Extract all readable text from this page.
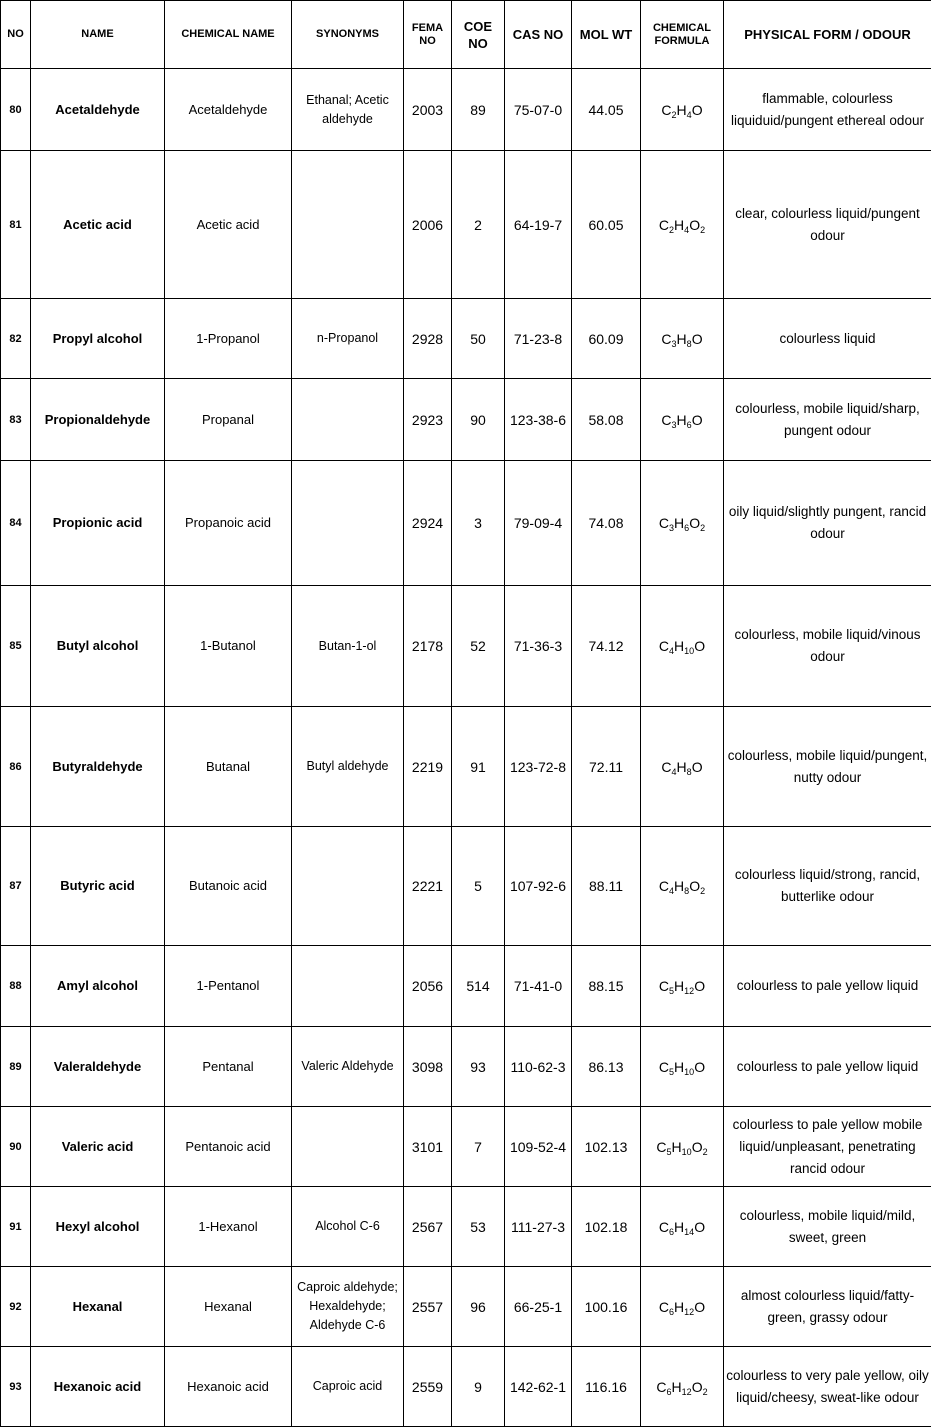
NO	NAME	CHEMICAL NAME	SYNONYMS	FEMA NO	COE NO	CAS NO	MOL WT	CHEMICAL FORMULA	PHYSICAL FORM / ODOUR
80	Acetaldehyde	Acetaldehyde	Ethanal; Acetic aldehyde	2003	89	75-07-0	44.05	$C_2H_4O$	flammable, colourless liquiduid/pungent ethereal odour
81	Acetic acid	Acetic acid		2006	2	64-19-7	60.05	$C_2H_4O_2$	clear, colourless liquid/pungent odour
82	Propyl alcohol	1-Propanol	n-Propanol	2928	50	71-23-8	60.09	$C_3H_8O$	colourless liquid
83	Propionaldehyde	Propanal		2923	90	123-38-6	58.08	$C_3H_6O$	colourless, mobile liquid/sharp, pungent odour
84	Propionic acid	Propanoic acid		2924	3	79-09-4	74.08	$C_3H_6O_2$	oily liquid/slightly pungent, rancid odour
85	Butyl alcohol	1-Butanol	Butan-1-ol	2178	52	71-36-3	74.12	$C_4H_{10}O$	colourless, mobile liquid/vinous odour
86	Butyraldehyde	Butanal	Butyl aldehyde	2219	91	123-72-8	72.11	$C_4H_8O$	colourless, mobile liquid/pungent, nutty odour
87	Butyric acid	Butanoic acid		2221	5	107-92-6	88.11	$C_4H_8O_2$	colourless liquid/strong, rancid, butterlike odour
88	Amyl alcohol	1-Pentanol		2056	514	71-41-0	88.15	$C_5H_{12}O$	colourless to pale yellow liquid
89	Valeraldehyde	Pentanal	Valeric Aldehyde	3098	93	110-62-3	86.13	$C_5H_{10}O$	colourless to pale yellow liquid
90	Valeric acid	Pentanoic acid		3101	7	109-52-4	102.13	$C_5H_{10}O_2$	colourless to pale yellow mobile liquid/unpleasant, penetrating rancid odour
91	Hexyl alcohol	1-Hexanol	Alcohol C-6	2567	53	111-27-3	102.18	$C_6H_{14}O$	colourless, mobile liquid/mild, sweet, green
92	Hexanal	Hexanal	Caproic aldehyde; Hexaldehyde; Aldehyde C-6	2557	96	66-25-1	100.16	$C_6H_{12}O$	almost colourless liquid/fatty-green, grassy odour
93	Hexanoic acid	Hexanoic acid	Caproic acid	2559	9	142-62-1	116.16	$C_6H_{12}O_2$	colourless to very pale yellow, oily liquid/cheesy, sweat-like odour
